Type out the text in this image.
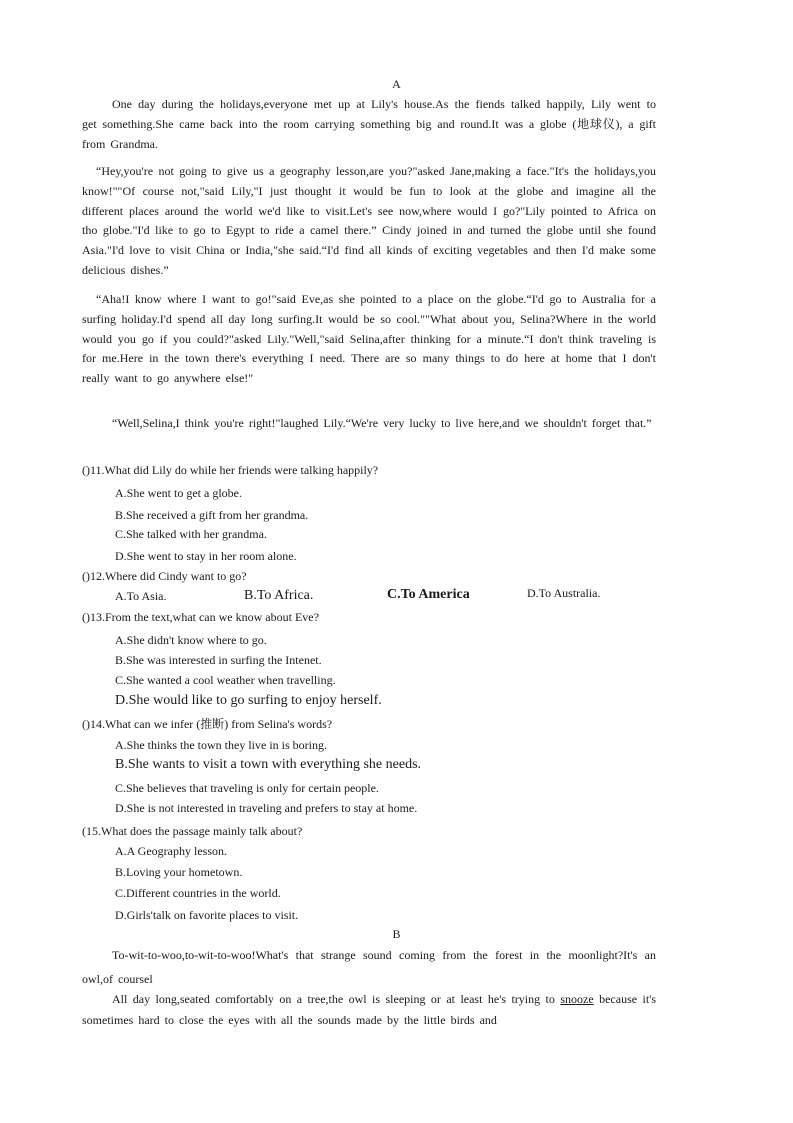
A

One day during the holidays,everyone met up at Lily's house.As the fiends talked happily, Lily went to get something.She came back into the room carrying something big and round.It was a globe (地球仪), a gift from Grandma.

“Hey,you're not going to give us a geography lesson,are you?"asked Jane,making a face."It's the holidays,you know!""Of course not,"said Lily,"I just thought it would be fun to look at the globe and imagine all the different places around the world we'd like to visit.Let's see now,where would I go?"Lily pointed to Africa on tho globe."I'd like to go to Egypt to ride a camel there.” Cindy joined in and turned the globe until she found Asia."I'd love to visit China or India,"she said.“I'd find all kinds of exciting vegetables and then I'd make some delicious dishes.”

“Aha!I know where I want to go!"said Eve,as she pointed to a place on the globe.“I'd go to Australia for a surfing holiday.I'd spend all day long surfing.It would be so cool.""What about you, Selina?Where in the world would you go if you could?"asked Lily."Well,"said Selina,after thinking for a minute.“I don't think traveling is for me.Here in the town there's everything I need. There are so many things to do here at home that I don't really want to go anywhere else!"

“Well,Selina,I think you're right!"laughed Lily.“We're very lucky to live here,and we shouldn't forget that.”

()11.What did Lily do while her friends were talking happily?
A.She went to get a globe.
B.She received a gift from her grandma.
C.She talked with her grandma.
D.She went to stay in her room alone.
()12.Where did Cindy want to go?
A.To Asia.	B.To Africa.	C.To America	D.To Australia.
()13.From the text,what can we know about Eve?
A.She didn't know where to go.
B.She was interested in surfing the Intenet.
C.She wanted a cool weather when travelling.
D.She would like to go surfing to enjoy herself.
()14.What can we infer (推断) from Selina's words?
A.She thinks the town they live in is boring.
B.She wants to visit a town with everything she needs.
C.She believes that traveling is only for certain people.
D.She is not interested in traveling and prefers to stay at home.
(15.What does the passage mainly talk about?
A.A Geography lesson.
B.Loving your hometown.
C.Different countries in the world.
D.Girls'talk on favorite places to visit.
B

To-wit-to-woo,to-wit-to-woo!What's that strange sound coming from the forest in the moonlight?It's an owl,of coursel

All day long,seated comfortably on a tree,the owl is sleeping or at least he's trying to snooze because it's sometimes hard to close the eyes with all the sounds made by the little birds and
